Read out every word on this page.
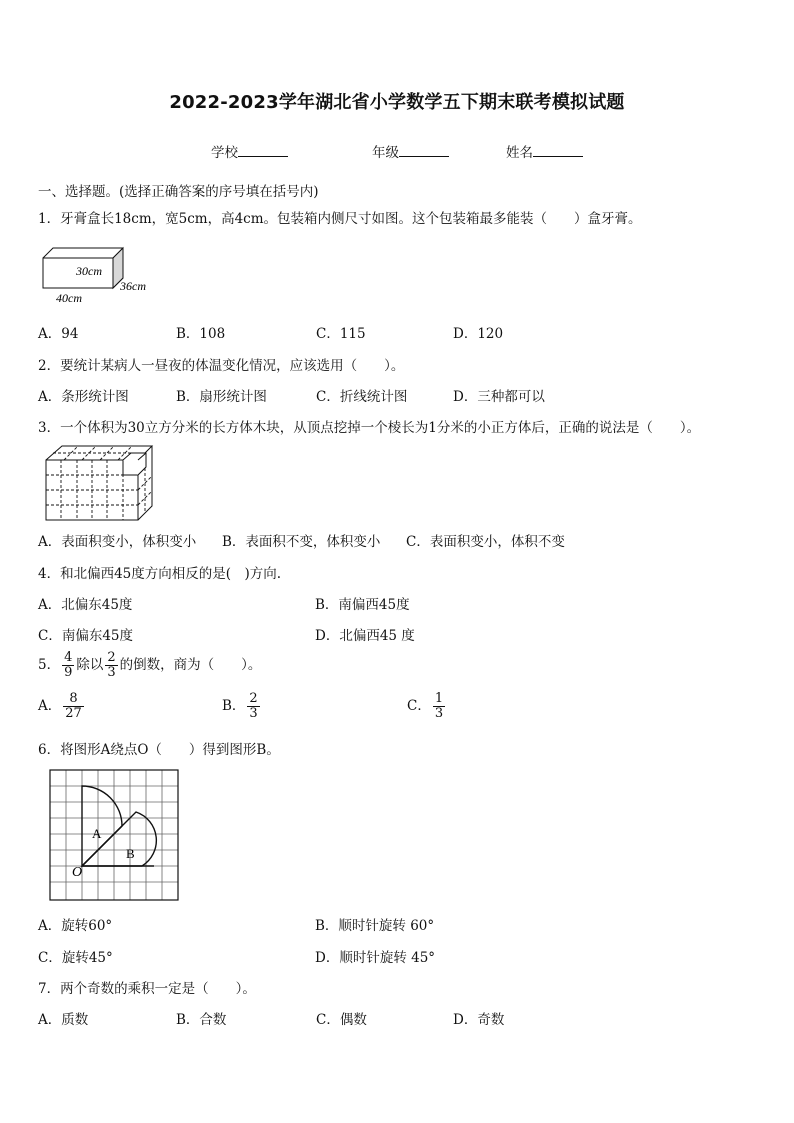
2022-2023学年湖北省小学数学五下期末联考模拟试题
学校	年级	姓名
一、选择题。(选择正确答案的序号填在括号内)
1．牙膏盒长18cm，宽5cm，高4cm。包装箱内侧尺寸如图。这个包装箱最多能装（　　）盒牙膏。
30cm
36cm
40cm
A．94	B．108	C．115	D．120
2．要统计某病人一昼夜的体温变化情况，应该选用（　　）。
A．条形统计图	B．扇形统计图	C．折线统计图	D．三种都可以
3．一个体积为30立方分米的长方体木块，从顶点挖掉一个棱长为1分米的小正方体后，正确的说法是（　　）。
A．表面积变小，体积变小 B．表面积不变，体积变小 C．表面积变小，体积不变
4．和北偏西45度方向相反的是(　)方向.
A．北偏东45度	B．南偏西45度
C．南偏东45度	D．北偏西45 度
5． $\frac{4}{9}$ 除以 $\frac{2}{3}$ 的倒数，商为（　　）。
A． $\frac{8}{27}$	B． $\frac{2}{3}$	C． $\frac{1}{3}$
6．将图形A绕点O（　　）得到图形B。
A
B
O
A．旋转60°	B．顺时针旋转 60°
C．旋转45°	D．顺时针旋转 45°
7．两个奇数的乘积一定是（　　）。
A．质数	B．合数	C．偶数	D．奇数
